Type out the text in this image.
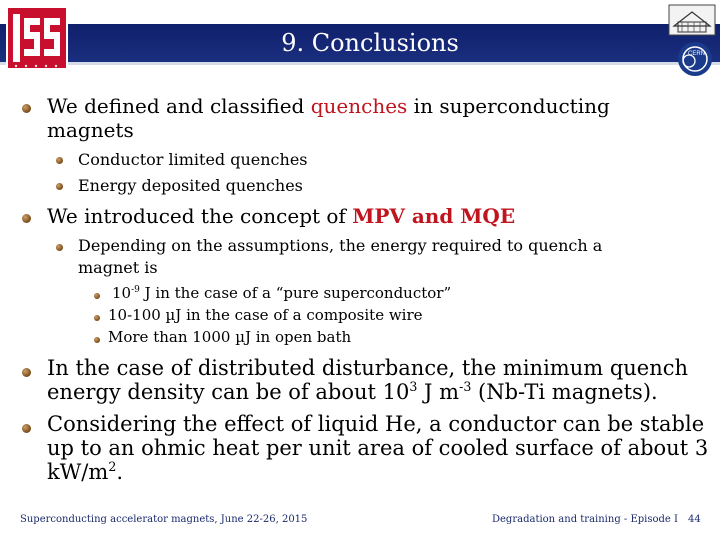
9. Conclusions	CERN
We defined and classified quenches in superconducting
magnets
Conductor limited quenches
Energy deposited quenches
We introduced the concept of MPV and MQE
Depending on the assumptions, the energy required to quench a
magnet is
$10^{-9}$ J in the case of a “pure superconductor”
10-100 µJ in the case of a composite wire
More than 1000 µJ in open bath
In the case of distributed disturbance, the minimum quench
energy density can be of about $10^3$ J $m^{-3}$ (Nb-Ti magnets).
Considering the effect of liquid He, a conductor can be stable
up to an ohmic heat per unit area of cooled surface of about 3
$kW/m^2$.
Superconducting accelerator magnets, June 22-26, 2015	Degradation and training - Episode I 44
